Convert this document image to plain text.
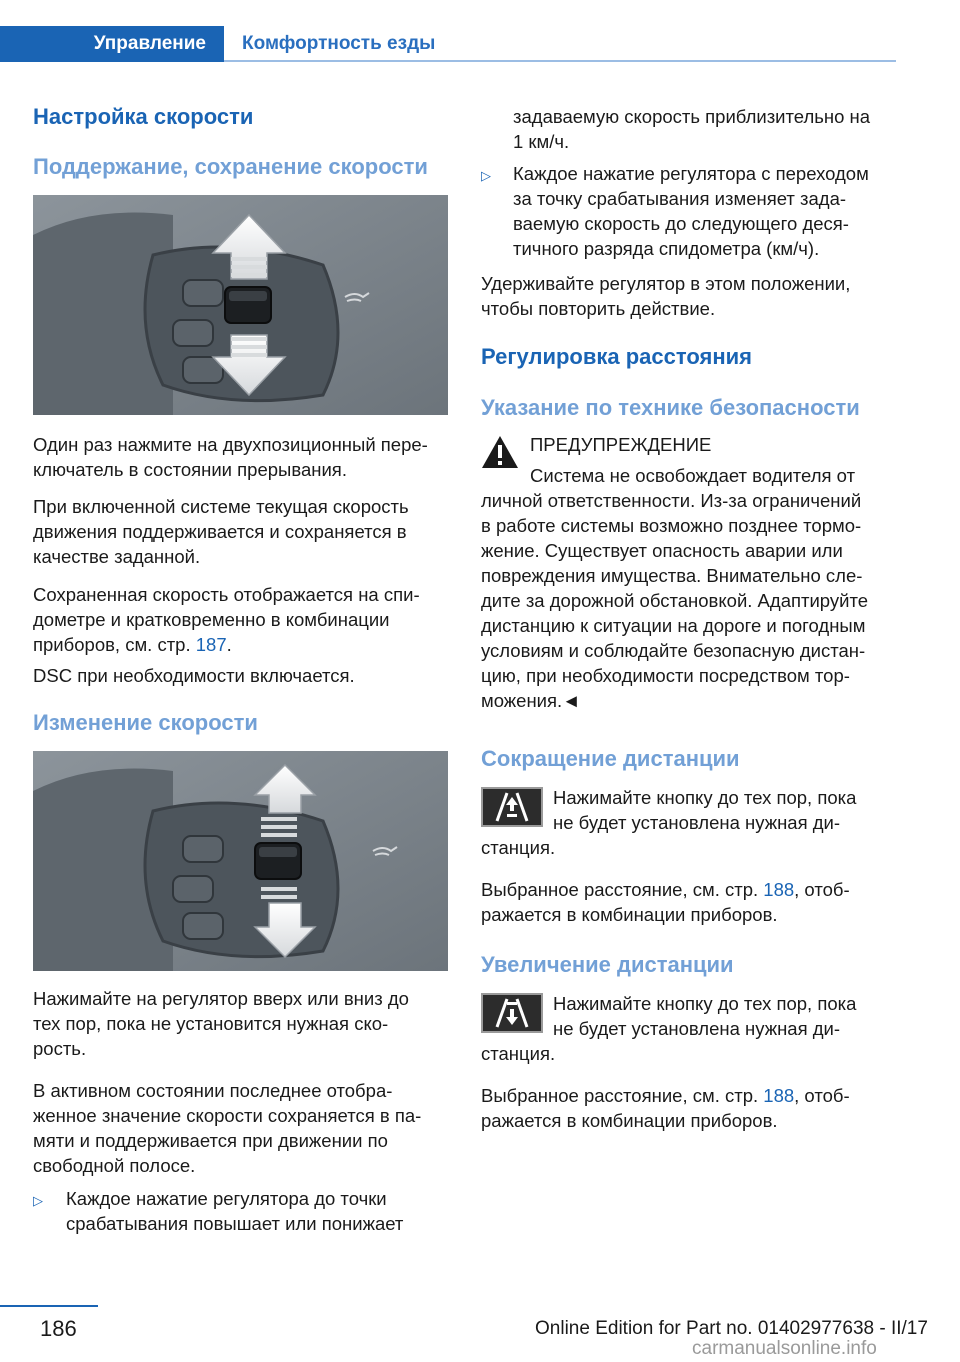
Управление Комфортность езды
Настройка скорости
Поддержание, сохранение скорости
Один раз нажмите на двухпозиционный пере-
ключатель в состоянии прерывания.
При включенной системе текущая скорость
движения поддерживается и сохраняется в
качестве заданной.
Сохраненная скорость отображается на спи-
дометре и кратковременно в комбинации
приборов, см. стр. 187.
DSC при необходимости включается.
Изменение скорости
Нажимайте на регулятор вверх или вниз до
тех пор, пока не установится нужная ско-
рость.
В активном состоянии последнее отобра-
женное значение скорости сохраняется в па-
мяти и поддерживается при движении по
свободной полосе.
▷ Каждое нажатие регулятора до точки
срабатывания повышает или понижает
задаваемую скорость приблизительно на
1 км/ч.
▷ Каждое нажатие регулятора с переходом
за точку срабатывания изменяет зада-
ваемую скорость до следующего деся-
тичного разряда спидометра (км/ч).
Удерживайте регулятор в этом положении,
чтобы повторить действие.
Регулировка расстояния
Указание по технике безопасности
ПРЕДУПРЕЖДЕНИЕ
Система не освобождает водителя от
личной ответственности. Из-за ограничений
в работе системы возможно позднее тормо-
жение. Существует опасность аварии или
повреждения имущества. Внимательно сле-
дите за дорожной обстановкой. Адаптируйте
дистанцию к ситуации на дороге и погодным
условиям и соблюдайте безопасную дистан-
цию, при необходимости посредством тор-
можения.◄
Сокращение дистанции
Нажимайте кнопку до тех пор, пока
не будет установлена нужная ди-
станция.
Выбранное расстояние, см. стр. 188, отоб-
ражается в комбинации приборов.
Увеличение дистанции
Нажимайте кнопку до тех пор, пока
не будет установлена нужная ди-
станция.
Выбранное расстояние, см. стр. 188, отоб-
ражается в комбинации приборов.
186	Online Edition for Part no. 01402977638 - II/17
carmanualsonline.info
